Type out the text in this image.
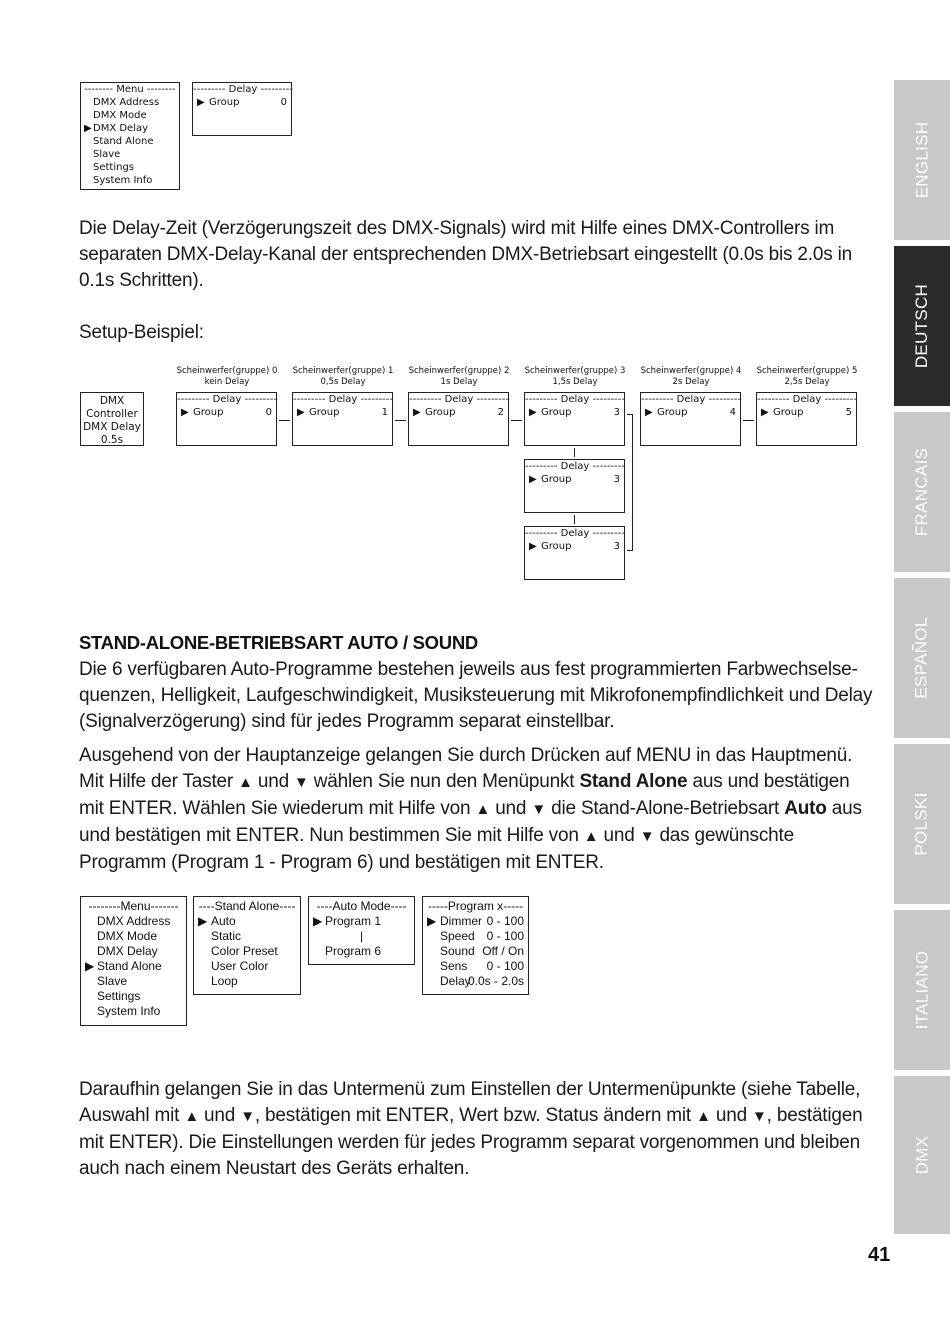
-------- Menu --------
DMX Address
DMX Mode
▶ DMX Delay
Stand Alone
Slave
Settings
System Info
--------- Delay ---------
▶ Group	0
Die Delay-Zeit (Verzögerungszeit des DMX-Signals) wird mit Hilfe eines DMX-Controllers im separaten DMX-Delay-Kanal der entsprechenden DMX-Betriebsart eingestellt (0.0s bis 2.0s in 0.1s Schritten).
Setup-Beispiel:
DMX
Controller
DMX Delay
0.5s
Scheinwerfer(gruppe) 0
kein Delay
--------- Delay ---------
▶ Group	0
Scheinwerfer(gruppe) 1
0,5s Delay
--------- Delay ---------
▶ Group	1
Scheinwerfer(gruppe) 2
1s Delay
--------- Delay ---------
▶ Group	2
Scheinwerfer(gruppe) 3
1,5s Delay
--------- Delay ---------
▶ Group	3
Scheinwerfer(gruppe) 4
2s Delay
--------- Delay ---------
▶ Group	4
Scheinwerfer(gruppe) 5
2,5s Delay
--------- Delay ---------
▶ Group	5
--------- Delay ---------
▶ Group	3
--------- Delay ---------
▶ Group	3
STAND-ALONE-BETRIEBSART AUTO / SOUND
Die 6 verfügbaren Auto-Programme bestehen jeweils aus fest programmierten Farbwechselse-quenzen, Helligkeit, Laufgeschwindigkeit, Musiksteuerung mit Mikrofonempfindlichkeit und Delay (Signalverzögerung) sind für jedes Programm separat einstellbar.
Ausgehend von der Hauptanzeige gelangen Sie durch Drücken auf MENU in das Hauptmenü. Mit Hilfe der Taster ▲ und ▼ wählen Sie nun den Menüpunkt Stand Alone aus und bestätigen mit ENTER. Wählen Sie wiederum mit Hilfe von ▲ und ▼ die Stand-Alone-Betriebsart Auto aus und bestätigen mit ENTER. Nun bestimmen Sie mit Hilfe von ▲ und ▼ das gewünschte Programm (Program 1 - Program 6) und bestätigen mit ENTER.
--------Menu-------
DMX Address
DMX Mode
DMX Delay
▶ Stand Alone
Slave
Settings
System Info
----Stand Alone----
▶ Auto
Static
Color Preset
User Color
Loop
----Auto Mode----
▶ Program 1
|
Program 6
-----Program x-----
▶ Dimmer 0 - 100
Speed 0 - 100
Sound Off / On
Sens 0 - 100
Delay
0.0s - 2.0s
Daraufhin gelangen Sie in das Untermenü zum Einstellen der Untermenüpunkte (siehe Tabelle, Auswahl mit ▲ und ▼, bestätigen mit ENTER, Wert bzw. Status ändern mit ▲ und ▼, bestätigen mit ENTER). Die Einstellungen werden für jedes Programm separat vorgenommen und bleiben auch nach einem Neustart des Geräts erhalten.
ENGLISH
DEUTSCH
FRANCAIS
ESPAÑOL
POLSKI
ITALIANO
DMX
41
